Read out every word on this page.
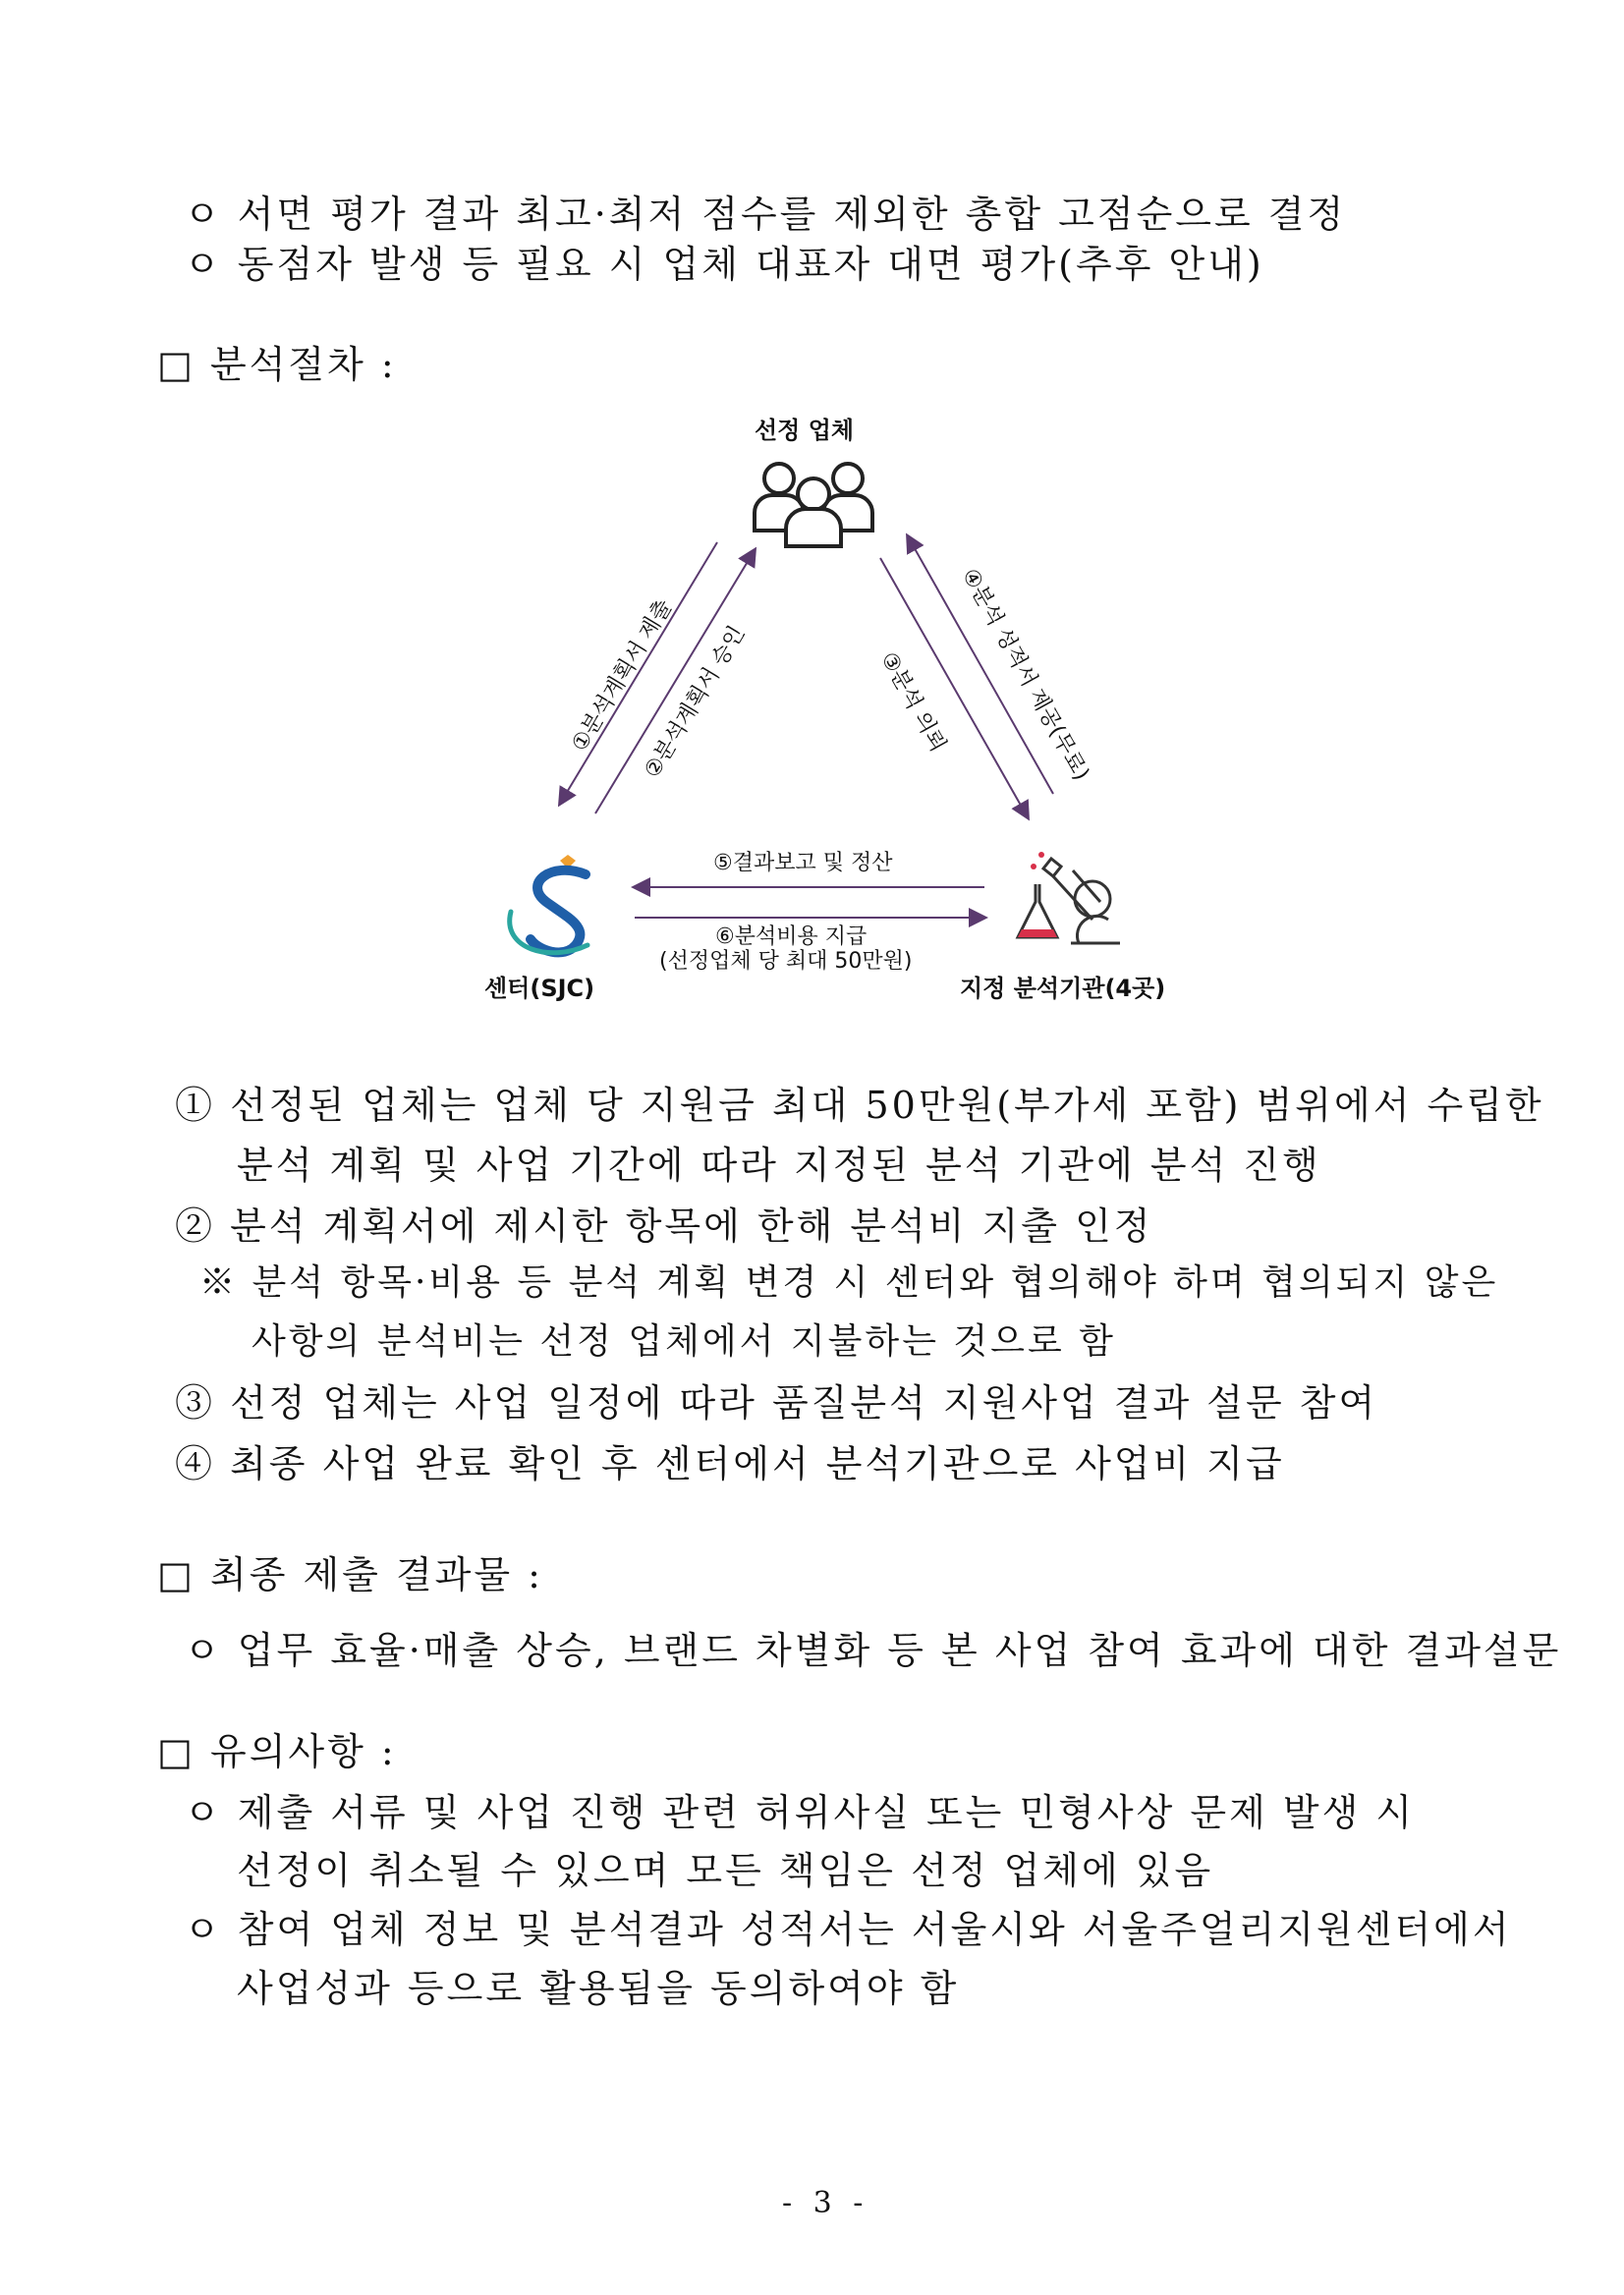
ㅇ 서면 평가 결과 최고·최저 점수를 제외한 총합 고점순으로 결정
ㅇ 동점자 발생 등 필요 시 업체 대표자 대면 평가(추후 안내)
□ 분석절차 :
선정 업체
센터(SJC)	지정 분석기관(4곳)
①분석계획서 제출
②분석계획서 승인	③분석 의뢰 ④분석 성적서 제공(무료)
⑤결과보고 및 정산
⑥분석비용 지급
(선정업체 당 최대 50만원)
① 선정된 업체는 업체 당 지원금 최대 50만원(부가세 포함) 범위에서 수립한
분석 계획 및 사업 기간에 따라 지정된 분석 기관에 분석 진행
② 분석 계획서에 제시한 항목에 한해 분석비 지출 인정
※ 분석 항목·비용 등 분석 계획 변경 시 센터와 협의해야 하며 협의되지 않은
사항의 분석비는 선정 업체에서 지불하는 것으로 함
③ 선정 업체는 사업 일정에 따라 품질분석 지원사업 결과 설문 참여
④ 최종 사업 완료 확인 후 센터에서 분석기관으로 사업비 지급
□ 최종 제출 결과물 :
ㅇ 업무 효율·매출 상승, 브랜드 차별화 등 본 사업 참여 효과에 대한 결과설문
□ 유의사항 :
ㅇ 제출 서류 및 사업 진행 관련 허위사실 또는 민형사상 문제 발생 시
선정이 취소될 수 있으며 모든 책임은 선정 업체에 있음
ㅇ 참여 업체 정보 및 분석결과 성적서는 서울시와 서울주얼리지원센터에서
사업성과 등으로 활용됨을 동의하여야 함
- 3 -
